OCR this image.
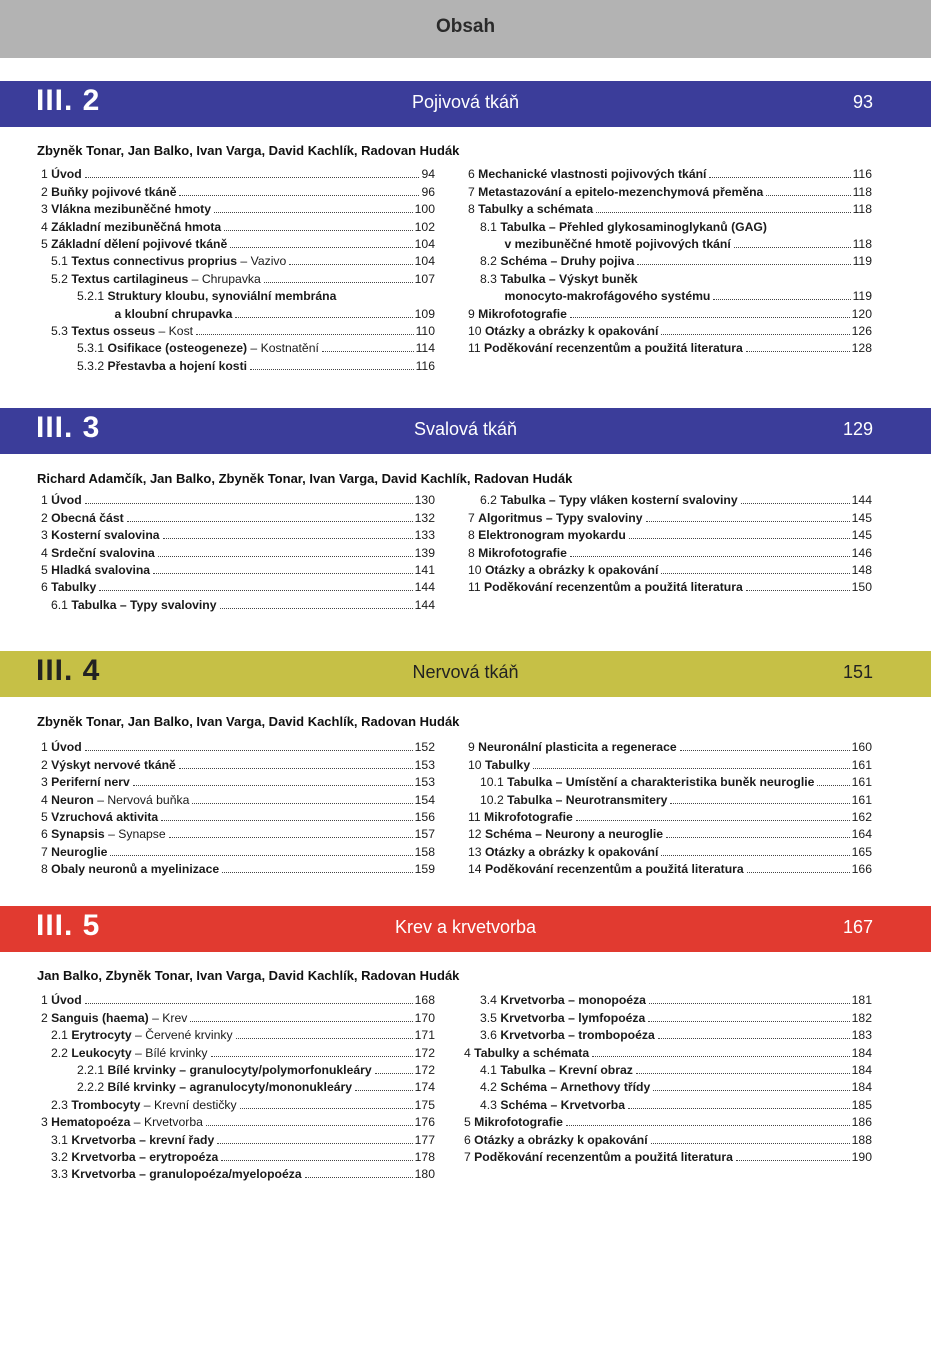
Obsah
III. 2	Pojivová tkáň	93
Zbyněk Tonar, Jan Balko, Ivan Varga, David Kachlík, Radovan Hudák
1 Úvod	94
2 Buňky pojivové tkáně	96
3 Vlákna mezibuněčné hmoty	100
4 Základní mezibuněčná hmota	102
5 Základní dělení pojivové tkáně	104
5.1 Textus connectivus proprius – Vazivo	104
5.2 Textus cartilagineus – Chrupavka	107
5.2.1 Struktury kloubu, synoviální membrána
a kloubní chrupavka	109
5.3 Textus osseus – Kost	110
5.3.1 Osifikace (osteogeneze) – Kostnatění	114
5.3.2 Přestavba a hojení kosti	116
6 Mechanické vlastnosti pojivových tkání	116
7 Metastazování a epitelo-mezenchymová přeměna	118
8 Tabulky a schémata	118
8.1 Tabulka – Přehled glykosaminoglykanů (GAG)
v mezibuněčné hmotě pojivových tkání	118
8.2 Schéma – Druhy pojiva	119
8.3 Tabulka – Výskyt buněk
monocyto-makrofágového systému	119
9 Mikrofotografie	120
10 Otázky a obrázky k opakování	126
11 Poděkování recenzentům a použitá literatura	128
III. 3	Svalová tkáň	129
Richard Adamčík, Jan Balko, Zbyněk Tonar, Ivan Varga, David Kachlík, Radovan Hudák
1 Úvod	130
2 Obecná část	132
3 Kosterní svalovina	133
4 Srdeční svalovina	139
5 Hladká svalovina	141
6 Tabulky	144
6.1 Tabulka – Typy svaloviny	144
6.2 Tabulka – Typy vláken kosterní svaloviny	144
7 Algoritmus – Typy svaloviny	145
8 Elektronogram myokardu	145
8 Mikrofotografie	146
10 Otázky a obrázky k opakování	148
11 Poděkování recenzentům a použitá literatura	150
III. 4	Nervová tkáň	151
Zbyněk Tonar, Jan Balko, Ivan Varga, David Kachlík, Radovan Hudák
1 Úvod	152
2 Výskyt nervové tkáně	153
3 Periferní nerv	153
4 Neuron – Nervová buňka	154
5 Vzruchová aktivita	156
6 Synapsis – Synapse	157
7 Neuroglie	158
8 Obaly neuronů a myelinizace	159
9 Neuronální plasticita a regenerace	160
10 Tabulky	161
10.1 Tabulka – Umístění a charakteristika buněk neuroglie	161
10.2 Tabulka – Neurotransmitery	161
11 Mikrofotografie	162
12 Schéma – Neurony a neuroglie	164
13 Otázky a obrázky k opakování	165
14 Poděkování recenzentům a použitá literatura	166
III. 5	Krev a krvetvorba	167
Jan Balko, Zbyněk Tonar, Ivan Varga, David Kachlík, Radovan Hudák
1 Úvod	168
2 Sanguis (haema) – Krev	170
2.1 Erytrocyty – Červené krvinky	171
2.2 Leukocyty – Bílé krvinky	172
2.2.1 Bílé krvinky – granulocyty/polymorfonukleáry	172
2.2.2 Bílé krvinky – agranulocyty/mononukleáry	174
2.3 Trombocyty – Krevní destičky	175
3 Hematopoéza – Krvetvorba	176
3.1 Krvetvorba – krevní řady	177
3.2 Krvetvorba – erytropoéza	178
3.3 Krvetvorba – granulopoéza/myelopoéza	180
3.4 Krvetvorba – monopoéza	181
3.5 Krvetvorba – lymfopoéza	182
3.6 Krvetvorba – trombopoéza	183
4 Tabulky a schémata	184
4.1 Tabulka – Krevní obraz	184
4.2 Schéma – Arnethovy třídy	184
4.3 Schéma – Krvetvorba	185
5 Mikrofotografie	186
6 Otázky a obrázky k opakování	188
7 Poděkování recenzentům a použitá literatura	190
